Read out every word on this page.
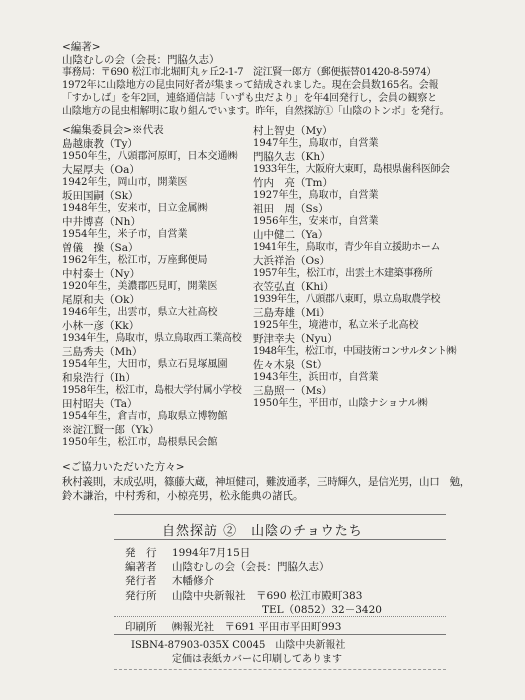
<編著>
山陰むしの会（会長：門脇久志）
事務局：〒690 松江市北堀町丸ヶ丘2-1-7　淀江賢一郎方（郵便振替01420-8-5974）
1972年に山陰地方の昆虫同好者が集まって結成されました。現在会員数165名。会報
「すかしば」を年2回，連絡通信誌「いずも虫だより」を年4回発行し，会員の観察と
山陰地方の昆虫相解明に取り組んでいます。昨年，自然探訪①「山陰のトンボ」を発行。
<編集委員会>※代表
島越康教（Ty）
1950年生，八頭郡河原町，日本交通㈱
大屋厚夫（Oa）
1942年生，岡山市，開業医
坂田国嗣（Sk）
1948年生，安来市，日立金属㈱
中井博喜（Nh）
1954年生，米子市，自営業
曽儀　操（Sa）
1962年生，松江市，万座郵便局
中村泰士（Ny）
1920年生，美濃郡匹見町，開業医
尾原和夫（Ok）
1946年生，出雲市，県立大社高校
小林一彦（Kk）
1934年生，鳥取市，県立鳥取西工業高校
三島秀夫（Mh）
1954年生，大田市，県立石見塚風園
和泉浩行（Ih）
1958年生，松江市，島根大学付属小学校
田村昭夫（Ta）
1954年生，倉吉市，鳥取県立博物館
※淀江賢一郎（Yk）
1950年生，松江市，島根県民会館
村上智史（My）
1947年生，鳥取市，自営業
門脇久志（Kh）
1933年生，大阪府大東町，島根県歯科医師会
竹内　亮（Tm）
1927年生，鳥取市，自営業
祖田　周（Ss）
1956年生，安来市，自営業
山中健二（Ya）
1941年生，鳥取市，青少年自立援助ホーム
大浜祥治（Os）
1957年生，松江市，出雲土木建築事務所
衣笠弘直（Khi）
1939年生，八頭郡八東町，県立鳥取農学校
三島寿雄（Mi）
1925年生，境港市，私立米子北高校
野津幸夫（Nyu）
1948年生，松江市，中国技術コンサルタント㈱
佐々木泉（St）
1943年生，浜田市，自営業
三島照一（Ms）
1950年生，平田市，山陰ナショナル㈱
<ご協力いただいた方々>
秋村義則，末成弘明，篠藤大蔵，神垣健司，難波通孝，三時輝久，是信光男，山口　勉，
鈴木謙治，中村秀和，小椋亮男，松永能典の諸氏。
自然探訪 ②　山陰のチョウたち
発　行 1994年7月15日
編著者 山陰むしの会（会長：門脇久志）
発行者 木幡修介
発行所 山陰中央新報社　〒690 松江市殿町383
TEL（0852）32－3420
印刷所 ㈱報光社　〒691 平田市平田町993
ISBN4-87903-035X C0045　山陰中央新報社
定価は表紙カバーに印刷してあります
